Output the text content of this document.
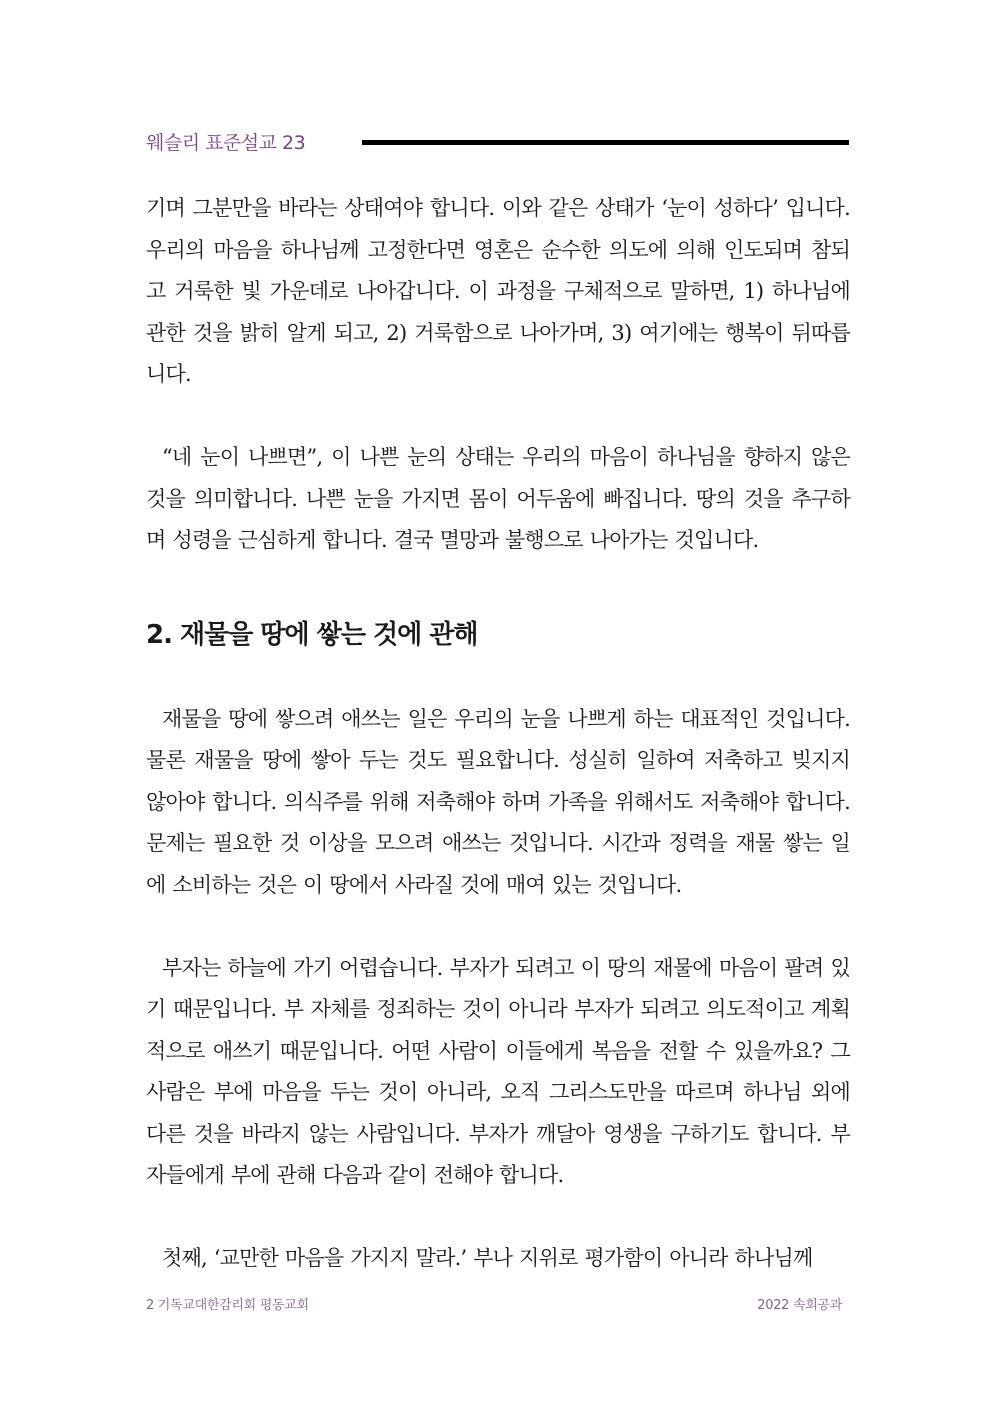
웨슬리 표준설교 23

기며 그분만을 바라는 상태여야 합니다. 이와 같은 상태가 ‘눈이 성하다’ 입니다. 우리의 마음을 하나님께 고정한다면 영혼은 순수한 의도에 의해 인도되며 참되고 거룩한 빛 가운데로 나아갑니다. 이 과정을 구체적으로 말하면, 1) 하나님에 관한 것을 밝히 알게 되고, 2) 거룩함으로 나아가며, 3) 여기에는 행복이 뒤따릅니다.

“네 눈이 나쁘면”, 이 나쁜 눈의 상태는 우리의 마음이 하나님을 향하지 않은 것을 의미합니다. 나쁜 눈을 가지면 몸이 어두움에 빠집니다. 땅의 것을 추구하며 성령을 근심하게 합니다. 결국 멸망과 불행으로 나아가는 것입니다.

2. 재물을 땅에 쌓는 것에 관해

재물을 땅에 쌓으려 애쓰는 일은 우리의 눈을 나쁘게 하는 대표적인 것입니다. 물론 재물을 땅에 쌓아 두는 것도 필요합니다. 성실히 일하여 저축하고 빚지지 않아야 합니다. 의식주를 위해 저축해야 하며 가족을 위해서도 저축해야 합니다. 문제는 필요한 것 이상을 모으려 애쓰는 것입니다. 시간과 정력을 재물 쌓는 일에 소비하는 것은 이 땅에서 사라질 것에 매여 있는 것입니다.

부자는 하늘에 가기 어렵습니다. 부자가 되려고 이 땅의 재물에 마음이 팔려 있기 때문입니다. 부 자체를 정죄하는 것이 아니라 부자가 되려고 의도적이고 계획적으로 애쓰기 때문입니다. 어떤 사람이 이들에게 복음을 전할 수 있을까요? 그 사람은 부에 마음을 두는 것이 아니라, 오직 그리스도만을 따르며 하나님 외에 다른 것을 바라지 않는 사람입니다. 부자가 깨달아 영생을 구하기도 합니다. 부자들에게 부에 관해 다음과 같이 전해야 합니다.

첫째, ‘교만한 마음을 가지지 말라.’ 부나 지위로 평가함이 아니라 하나님께

2 기독교대한감리회 평동교회	2022 속회공과
